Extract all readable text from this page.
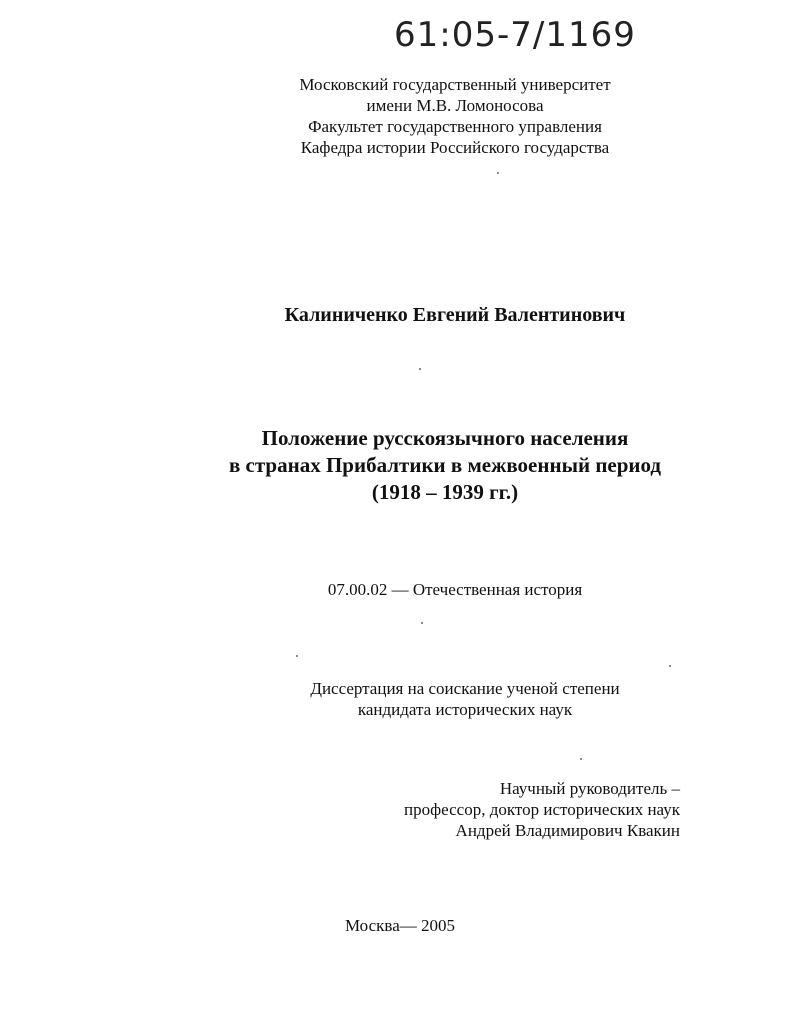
61:05-7/1169
Московский государственный университет
имени М.В. Ломоносова
Факультет государственного управления
Кафедра истории Российского государства
Калиниченко Евгений Валентинович
Положение русскоязычного населения
в странах Прибалтики в межвоенный период
(1918 – 1939 гг.)
07.00.02 — Отечественная история
Диссертация на соискание ученой степени
кандидата исторических наук
Научный руководитель –
профессор, доктор исторических наук
Андрей Владимирович Квакин
Москва— 2005
